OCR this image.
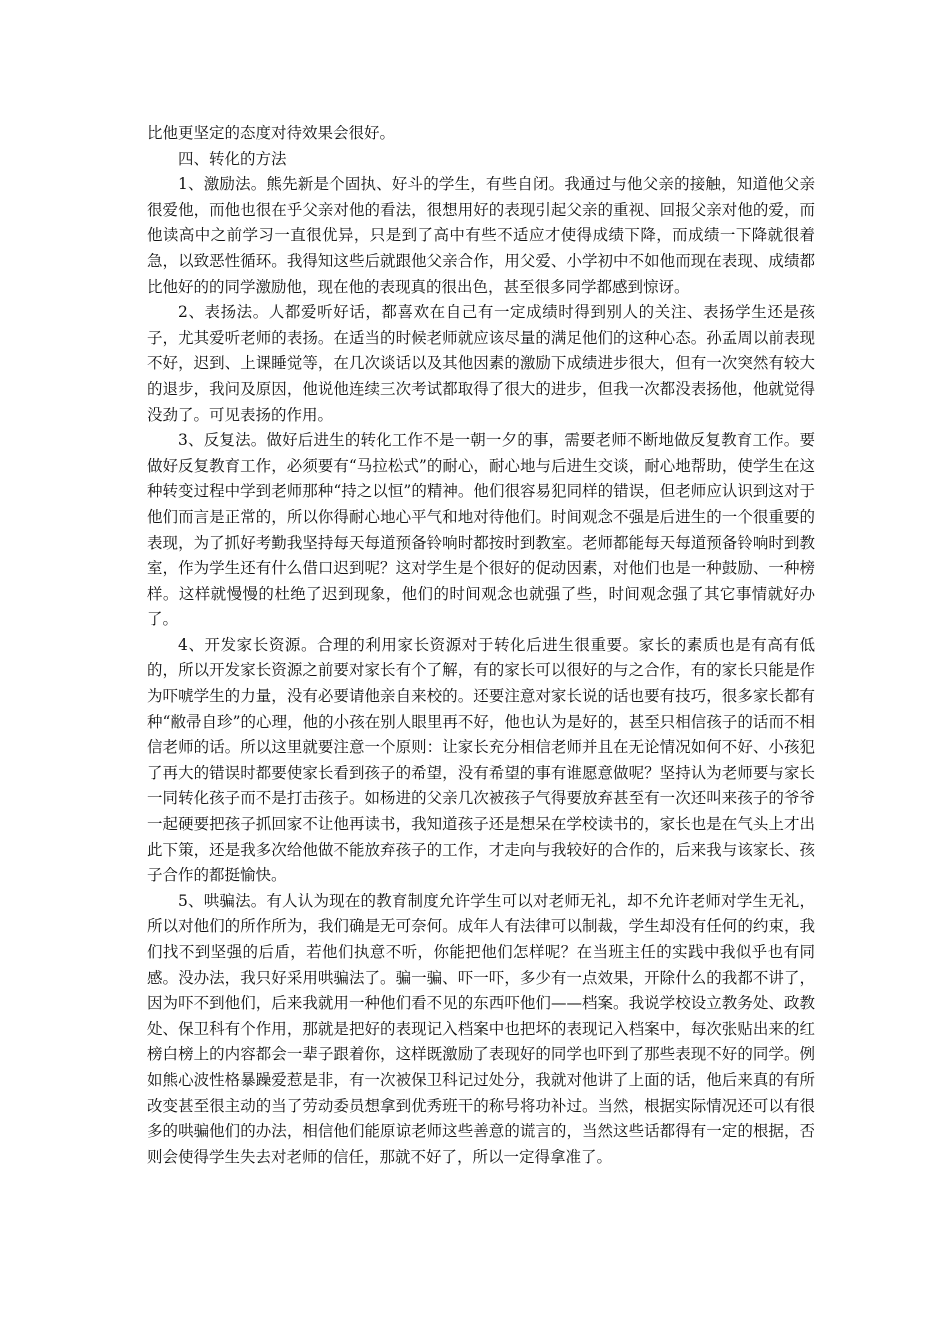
比他更坚定的态度对待效果会很好。

四、转化的方法

1、激励法。熊先新是个固执、好斗的学生，有些自闭。我通过与他父亲的接触，知道他父亲很爱他，而他也很在乎父亲对他的看法，很想用好的表现引起父亲的重视、回报父亲对他的爱，而他读高中之前学习一直很优异，只是到了高中有些不适应才使得成绩下降，而成绩一下降就很着急，以致恶性循环。我得知这些后就跟他父亲合作，用父爱、小学初中不如他而现在表现、成绩都比他好的的同学激励他，现在他的表现真的很出色，甚至很多同学都感到惊讶。

2、表扬法。人都爱听好话，都喜欢在自己有一定成绩时得到别人的关注、表扬学生还是孩子，尤其爱听老师的表扬。在适当的时候老师就应该尽量的满足他们的这种心态。孙孟周以前表现不好，迟到、上课睡觉等，在几次谈话以及其他因素的激励下成绩进步很大，但有一次突然有较大的退步，我问及原因，他说他连续三次考试都取得了很大的进步，但我一次都没表扬他，他就觉得没劲了。可见表扬的作用。

3、反复法。做好后进生的转化工作不是一朝一夕的事，需要老师不断地做反复教育工作。要做好反复教育工作，必须要有“马拉松式”的耐心，耐心地与后进生交谈，耐心地帮助，使学生在这种转变过程中学到老师那种“持之以恒”的精神。他们很容易犯同样的错误，但老师应认识到这对于他们而言是正常的，所以你得耐心地心平气和地对待他们。时间观念不强是后进生的一个很重要的表现，为了抓好考勤我坚持每天每道预备铃响时都按时到教室。老师都能每天每道预备铃响时到教室，作为学生还有什么借口迟到呢？这对学生是个很好的促动因素，对他们也是一种鼓励、一种榜样。这样就慢慢的杜绝了迟到现象，他们的时间观念也就强了些，时间观念强了其它事情就好办了。

4、开发家长资源。合理的利用家长资源对于转化后进生很重要。家长的素质也是有高有低的，所以开发家长资源之前要对家长有个了解，有的家长可以很好的与之合作，有的家长只能是作为吓唬学生的力量，没有必要请他亲自来校的。还要注意对家长说的话也要有技巧，很多家长都有种“敝帚自珍”的心理，他的小孩在别人眼里再不好，他也认为是好的，甚至只相信孩子的话而不相信老师的话。所以这里就要注意一个原则：让家长充分相信老师并且在无论情况如何不好、小孩犯了再大的错误时都要使家长看到孩子的希望，没有希望的事有谁愿意做呢？坚持认为老师要与家长一同转化孩子而不是打击孩子。如杨进的父亲几次被孩子气得要放弃甚至有一次还叫来孩子的爷爷一起硬要把孩子抓回家不让他再读书，我知道孩子还是想呆在学校读书的，家长也是在气头上才出此下策，还是我多次给他做不能放弃孩子的工作，才走向与我较好的合作的，后来我与该家长、孩子合作的都挺愉快。

5、哄骗法。有人认为现在的教育制度允许学生可以对老师无礼，却不允许老师对学生无礼，所以对他们的所作所为，我们确是无可奈何。成年人有法律可以制裁，学生却没有任何的约束，我们找不到坚强的后盾，若他们执意不听，你能把他们怎样呢？在当班主任的实践中我似乎也有同感。没办法，我只好采用哄骗法了。骗一骗、吓一吓，多少有一点效果，开除什么的我都不讲了，因为吓不到他们，后来我就用一种他们看不见的东西吓他们——档案。我说学校设立教务处、政教处、保卫科有个作用，那就是把好的表现记入档案中也把坏的表现记入档案中，每次张贴出来的红榜白榜上的内容都会一辈子跟着你，这样既激励了表现好的同学也吓到了那些表现不好的同学。例如熊心波性格暴躁爱惹是非，有一次被保卫科记过处分，我就对他讲了上面的话，他后来真的有所改变甚至很主动的当了劳动委员想拿到优秀班干的称号将功补过。当然，根据实际情况还可以有很多的哄骗他们的办法，相信他们能原谅老师这些善意的谎言的，当然这些话都得有一定的根据，否则会使得学生失去对老师的信任，那就不好了，所以一定得拿准了。
